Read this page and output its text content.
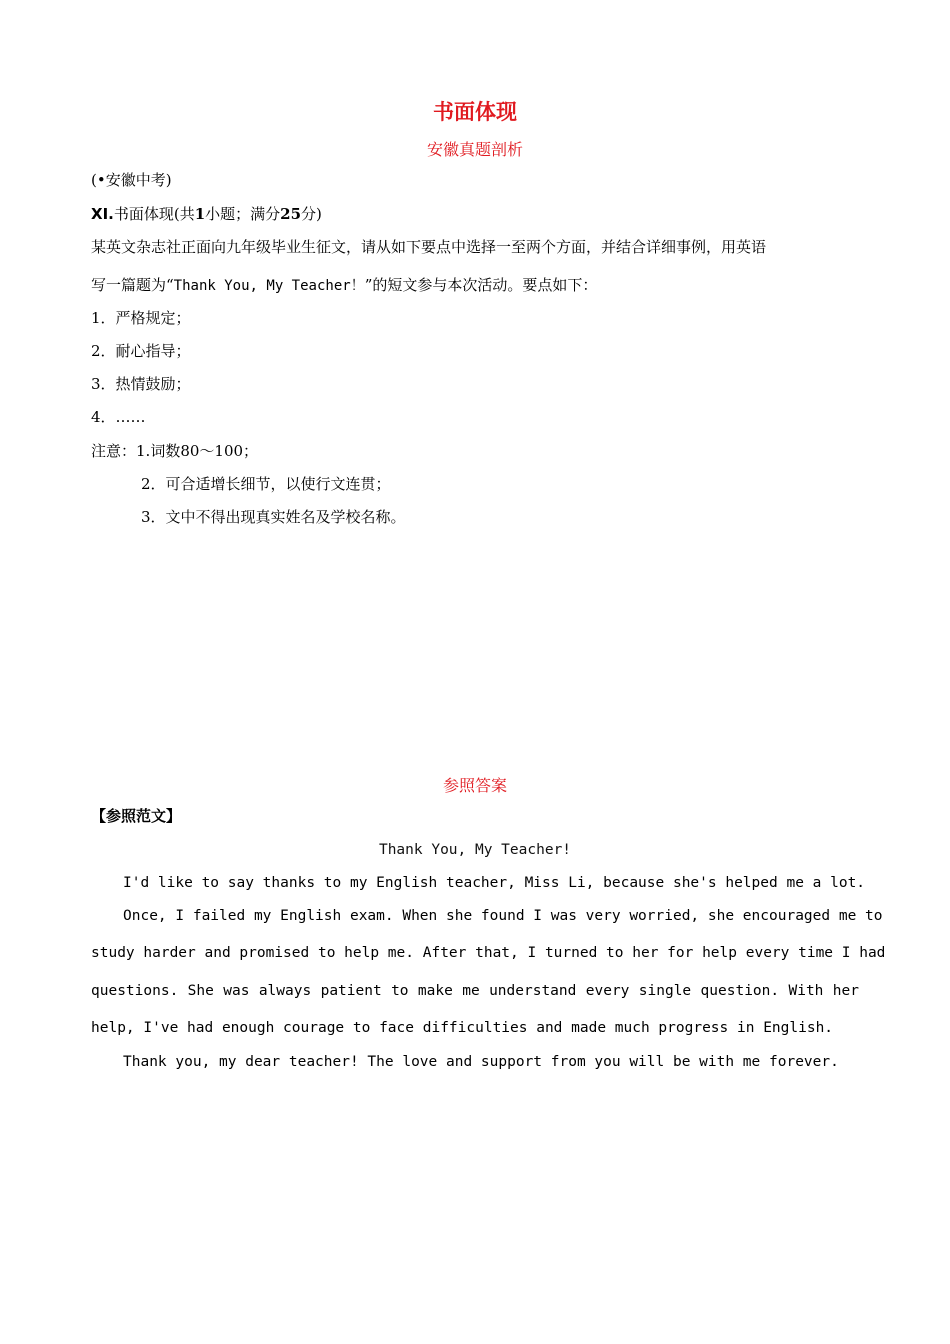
书面体现
安徽真题剖析
(•安徽中考)
XI.书面体现(共1小题；满分25分)
某英文杂志社正面向九年级毕业生征文，请从如下要点中选择一至两个方面，并结合详细事例，用英语
写一篇题为“Thank You, My Teacher！”的短文参与本次活动。要点如下：
1．严格规定；
2．耐心指导；
3．热情鼓励；
4．……
注意：1.词数80～100；
2．可合适增长细节，以使行文连贯；
3．文中不得出现真实姓名及学校名称。
参照答案
【参照范文】
Thank You, My Teacher!
I'd like to say thanks to my English teacher, Miss Li, because she's helped me a lot.
Once, I failed my English exam. When she found I was very worried, she encouraged me to
study harder and promised to help me. After that, I turned to her for help every time I had
questions. She was always patient to make me understand every single question. With her
help, I've had enough courage to face difficulties and made much progress in English.
Thank you, my dear teacher! The love and support from you will be with me forever.
